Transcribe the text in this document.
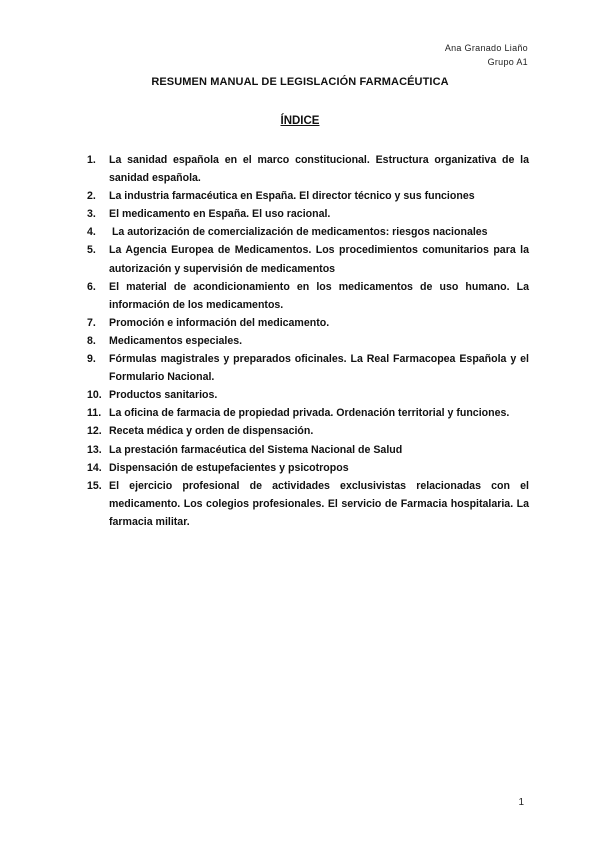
Ana Granado Liaño
Grupo A1
RESUMEN MANUAL DE LEGISLACIÓN FARMACÉUTICA
ÍNDICE
1.	La sanidad española en el marco constitucional. Estructura organizativa de la sanidad española.
2.	La industria farmacéutica en España. El director técnico y sus funciones
3.	El medicamento en España. El uso racional.
4.	La autorización de comercialización de medicamentos: riesgos nacionales
5.	La Agencia Europea de Medicamentos. Los procedimientos comunitarios para la autorización y supervisión de medicamentos
6.	El material de acondicionamiento en los medicamentos de uso humano. La información de los medicamentos.
7.	Promoción e información del medicamento.
8.	Medicamentos especiales.
9.	Fórmulas magistrales y preparados oficinales. La Real Farmacopea Española y el Formulario Nacional.
10. Productos sanitarios.
11. La oficina de farmacia de propiedad privada. Ordenación territorial y funciones.
12. Receta médica y orden de dispensación.
13. La prestación farmacéutica del Sistema Nacional de Salud
14. Dispensación de estupefacientes y psicotropos
15. El ejercicio profesional de actividades exclusivistas relacionadas con el medicamento. Los colegios profesionales. El servicio de Farmacia hospitalaria. La farmacia militar.
1
